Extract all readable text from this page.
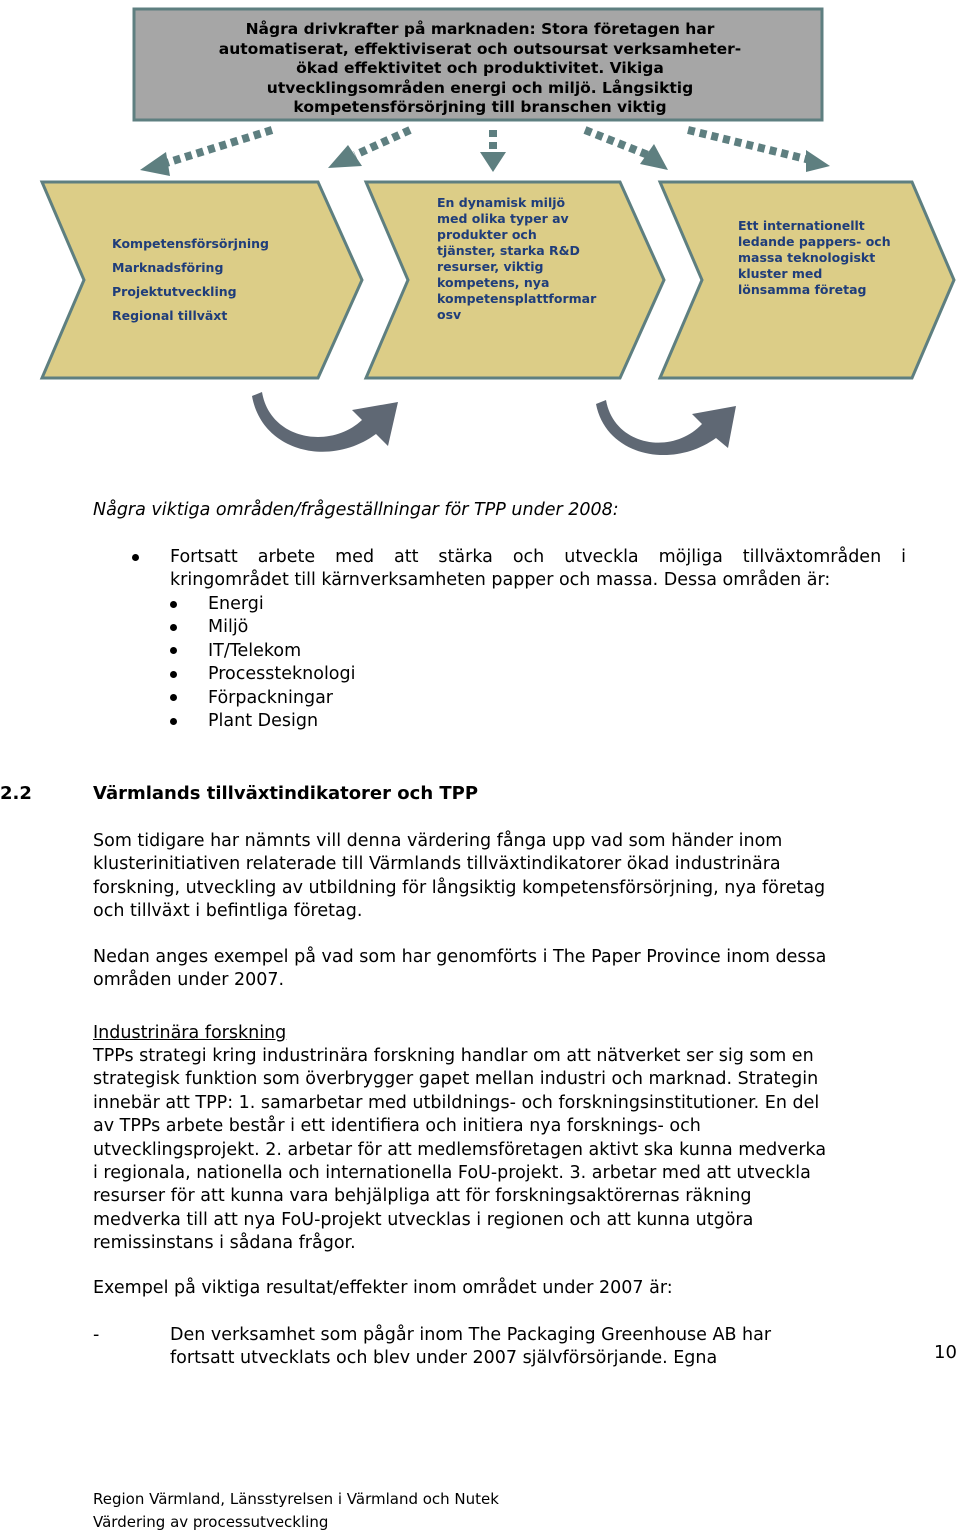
Några drivkrafter på marknaden: Stora företagen har
automatiserat, effektiviserat och outsoursat verksamheter-
ökad effektivitet och produktivitet. Vikiga
utvecklingsområden energi och miljö. Långsiktig
kompetensförsörjning till branschen viktig
Kompetensförsörjning
Marknadsföring
Projektutveckling
Regional tillväxt
En dynamisk miljö
med olika typer av
produkter och
tjänster, starka R&D
resurser, viktig
kompetens, nya
kompetensplattformar
osv
Ett internationellt
ledande pappers- och
massa teknologiskt
kluster med
lönsamma företag
Några viktiga områden/frågeställningar för TPP under 2008:
Fortsatt arbete med att stärka och utveckla möjliga tillväxtområden i
kringområdet till kärnverksamheten papper och massa. Dessa områden är:
Energi
Miljö
IT/Telekom
Processteknologi
Förpackningar
Plant Design
2.2	Värmlands tillväxtindikatorer och TPP
Som tidigare har nämnts vill denna värdering fånga upp vad som händer inom
klusterinitiativen relaterade till Värmlands tillväxtindikatorer ökad industrinära
forskning, utveckling av utbildning för långsiktig kompetensförsörjning, nya företag
och tillväxt i befintliga företag.
Nedan anges exempel på vad som har genomförts i The Paper Province inom dessa
områden under 2007.
Industrinära forskning
TPPs strategi kring industrinära forskning handlar om att nätverket ser sig som en
strategisk funktion som överbrygger gapet mellan industri och marknad. Strategin
innebär att TPP: 1. samarbetar med utbildnings- och forskningsinstitutioner. En del
av TPPs arbete består i ett identifiera och initiera nya forsknings- och
utvecklingsprojekt. 2. arbetar för att medlemsföretagen aktivt ska kunna medverka
i regionala, nationella och internationella FoU-projekt. 3. arbetar med att utveckla
resurser för att kunna vara behjälpliga att för forskningsaktörernas räkning
medverka till att nya FoU-projekt utvecklas i regionen och att kunna utgöra
remissinstans i sådana frågor.
Exempel på viktiga resultat/effekter inom området under 2007 är:
-	Den verksamhet som pågår inom The Packaging Greenhouse AB har
fortsatt utvecklats och blev under 2007 självförsörjande. Egna	10
Region Värmland, Länsstyrelsen i Värmland och Nutek
Värdering av processutveckling
